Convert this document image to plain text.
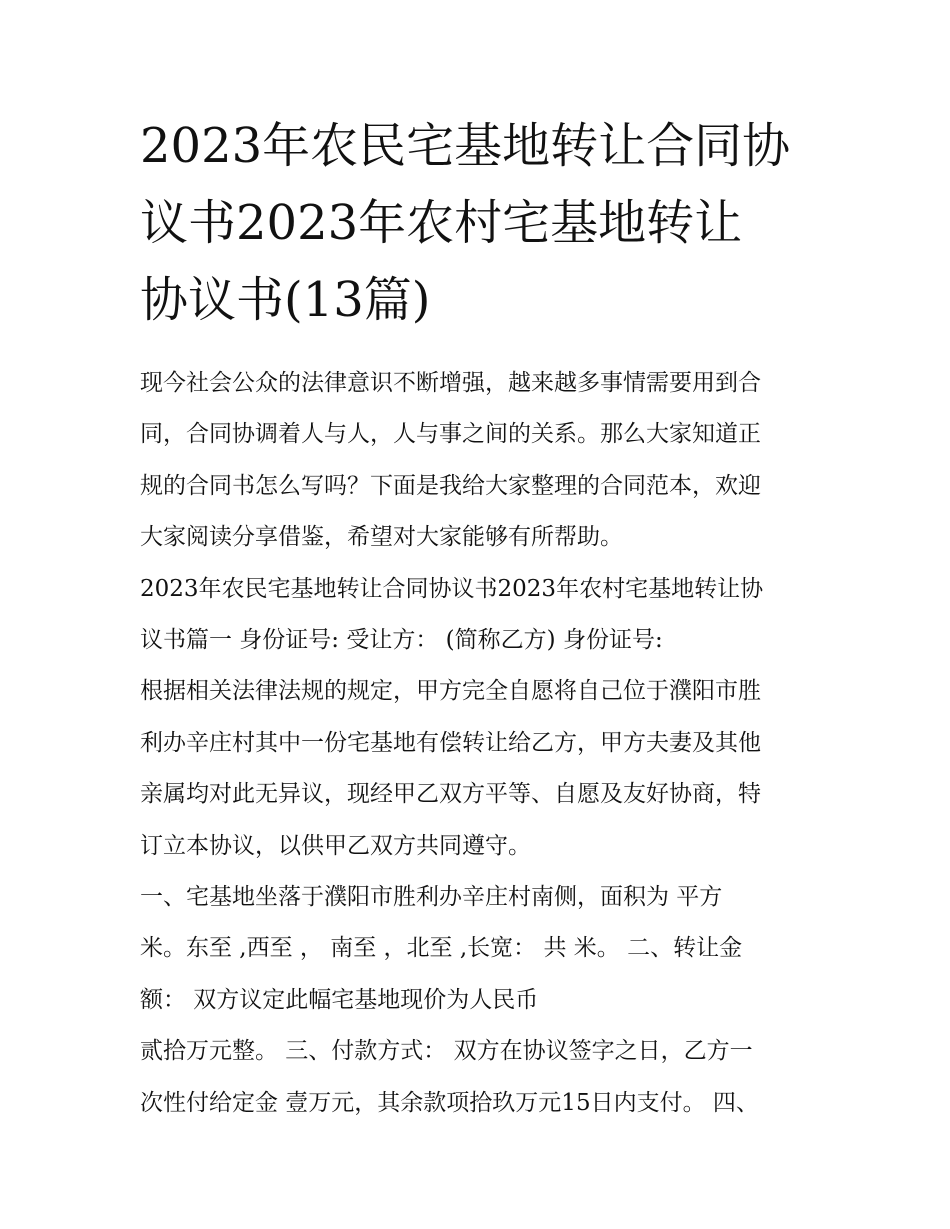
2023年农民宅基地转让合同协
议书2023年农村宅基地转让
协议书(13篇)
现今社会公众的法律意识不断增强，越来越多事情需要用到合
同，合同协调着人与人，人与事之间的关系。那么大家知道正
规的合同书怎么写吗？下面是我给大家整理的合同范本，欢迎
大家阅读分享借鉴，希望对大家能够有所帮助。
2023年农民宅基地转让合同协议书2023年农村宅基地转让协
议书篇一 身份证号: 受让方： (简称乙方) 身份证号:
根据相关法律法规的规定，甲方完全自愿将自己位于濮阳市胜
利办辛庄村其中一份宅基地有偿转让给乙方，甲方夫妻及其他
亲属均对此无异议，现经甲乙双方平等、自愿及友好协商，特
订立本协议，以供甲乙双方共同遵守。
一、宅基地坐落于濮阳市胜利办辛庄村南侧，面积为 平方
米。东至 ,西至 ， 南至 ，北至 ,长宽： 共 米。 二、转让金
额： 双方议定此幅宅基地现价为人民币
贰拾万元整。 三、付款方式： 双方在协议签字之日，乙方一
次性付给定金 壹万元，其余款项拾玖万元15日内支付。 四、
